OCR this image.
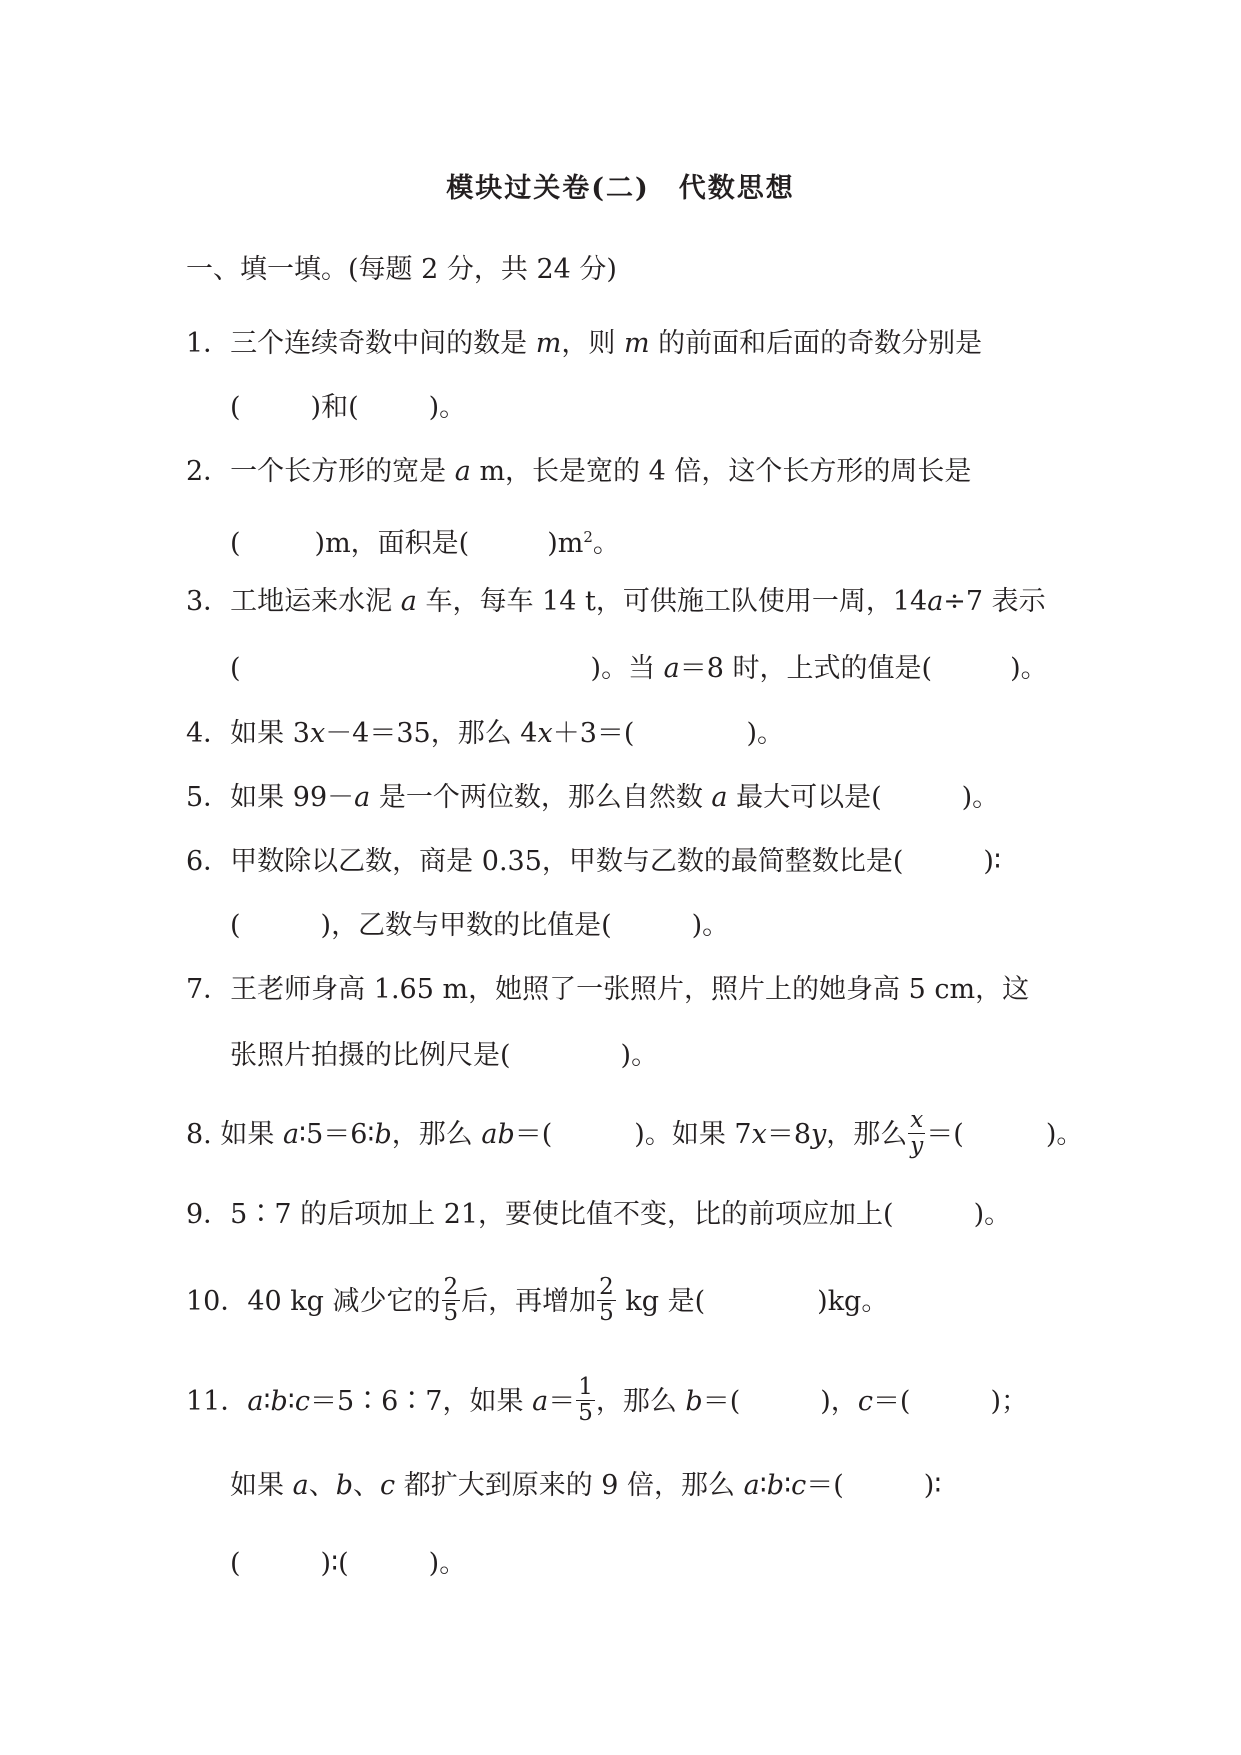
模块过关卷(二)　代数思想
一、填一填。(每题 2 分，共 24 分)
1．三个连续奇数中间的数是 m，则 m 的前面和后面的奇数分别是
(	)和(	)。
2．一个长方形的宽是 a m，长是宽的 4 倍，这个长方形的周长是
(	)m，面积是(	)$m^2$。
3．工地运来水泥 a 车，每车 14 t，可供施工队使用一周，14a÷7 表示
(	)。当 a＝8 时，上式的值是(	)。
4．如果 3x－4＝35，那么 4x＋3＝(	)。
5．如果 99－a 是一个两位数，那么自然数 a 最大可以是(	)。
6．甲数除以乙数，商是 0.35，甲数与乙数的最简整数比是(	)∶
(	)，乙数与甲数的比值是(	)。
7．王老师身高 1.65 m，她照了一张照片，照片上的她身高 5 cm，这
张照片拍摄的比例尺是(	)。
8. 如果 a∶5＝6∶b，那么 ab＝(	)。如果 7x＝8y，那么 $\frac{x}{y}$ ＝(	)。
9．5∶7 的后项加上 21，要使比值不变，比的前项应加上(	)。
10．40 kg 减少它的 $\frac{2}{5}$ 后，再增加 $\frac{2}{5}$ kg 是(	)kg。
11．a∶b∶c＝5∶6∶7，如果 $a= \frac{1}{5}$ ，那么 b＝(	)，c＝(	)；
如果 a、b、c 都扩大到原来的 9 倍，那么 a∶b∶c＝(	)∶
(	)∶(	)。
